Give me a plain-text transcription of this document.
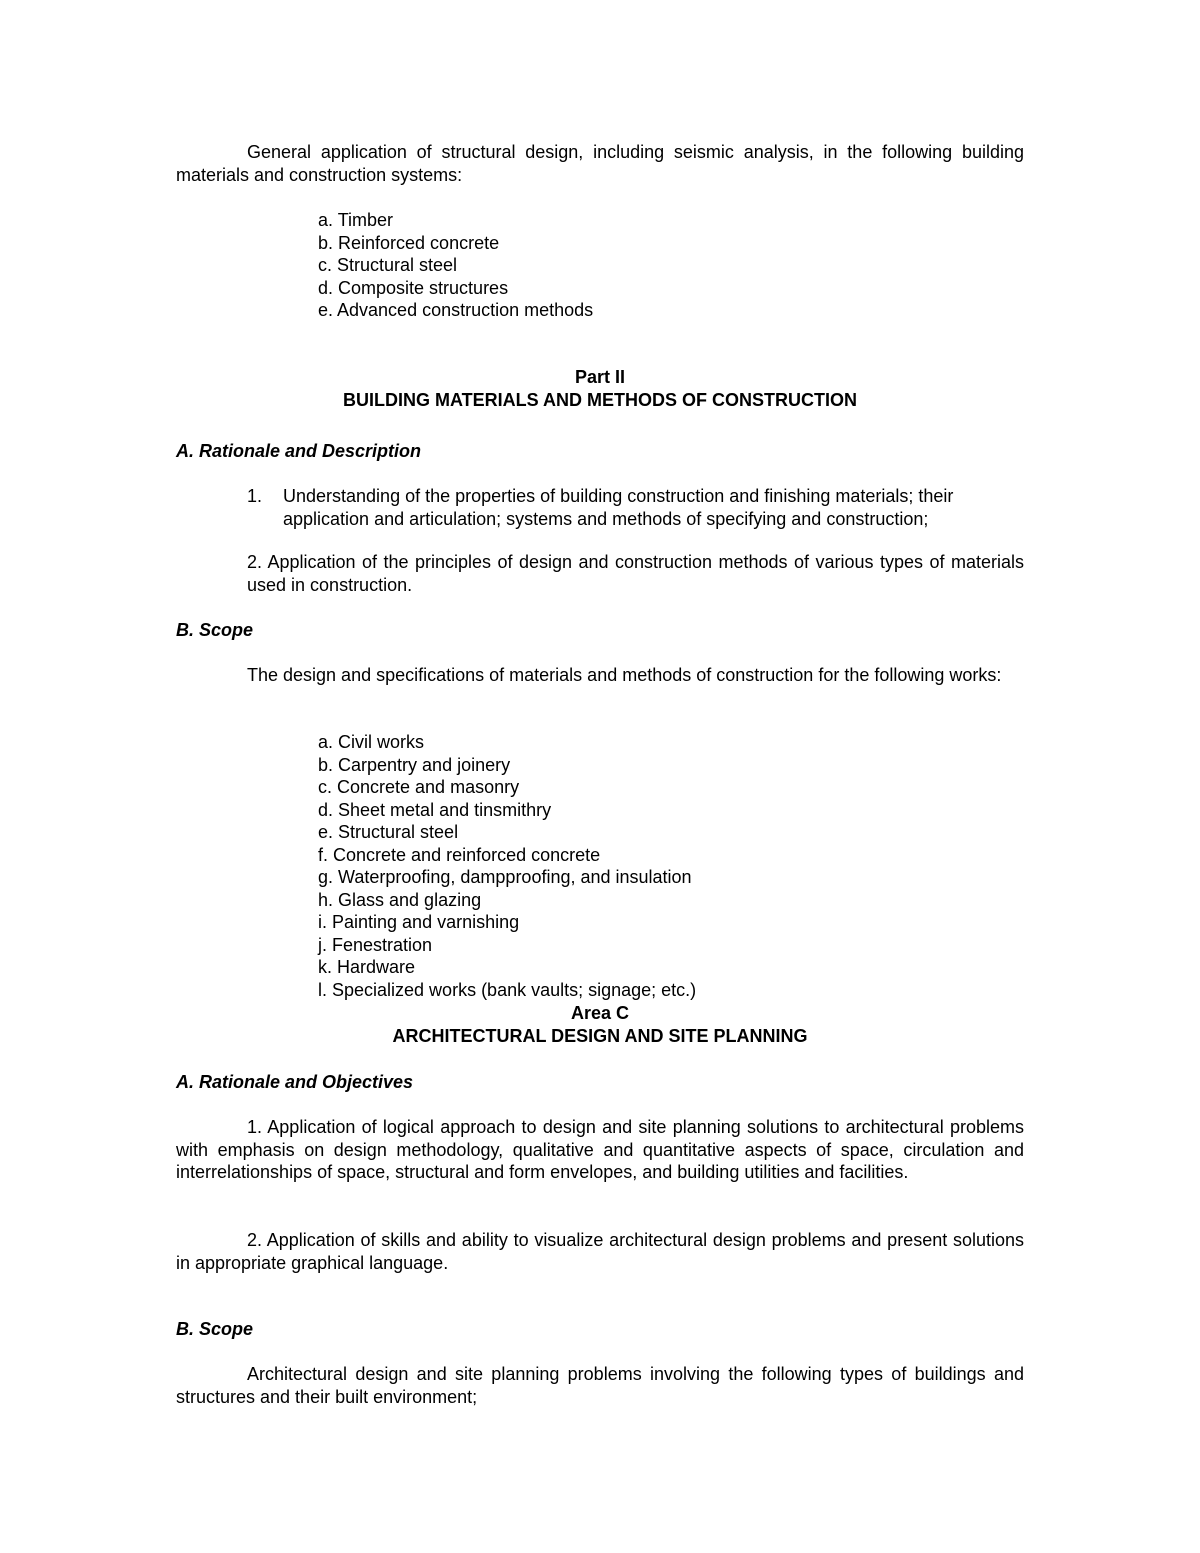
General application of structural design, including seismic analysis, in the following building materials and construction systems:
a. Timber
b. Reinforced concrete
c. Structural steel
d. Composite structures
e. Advanced construction methods
Part II
BUILDING MATERIALS AND METHODS OF CONSTRUCTION
A. Rationale and Description
1. Understanding of the properties of building construction and finishing materials; their application and articulation; systems and methods of specifying and construction;
2. Application of the principles of design and construction methods of various types of materials used in construction.
B. Scope
The design and specifications of materials and methods of construction for the following works:
a. Civil works
b. Carpentry and joinery
c. Concrete and masonry
d. Sheet metal and tinsmithry
e. Structural steel
f. Concrete and reinforced concrete
g. Waterproofing, dampproofing, and insulation
h. Glass and glazing
i. Painting and varnishing
j. Fenestration
k. Hardware
l. Specialized works (bank vaults; signage; etc.)
Area C
ARCHITECTURAL DESIGN AND SITE PLANNING
A. Rationale and Objectives
1. Application of logical approach to design and site planning solutions to architectural problems with emphasis on design methodology, qualitative and quantitative aspects of space, circulation and interrelationships of space, structural and form envelopes, and building utilities and facilities.
2. Application of skills and ability to visualize architectural design problems and present solutions in appropriate graphical language.
B. Scope
Architectural design and site planning problems involving the following types of buildings and structures and their built environment;
